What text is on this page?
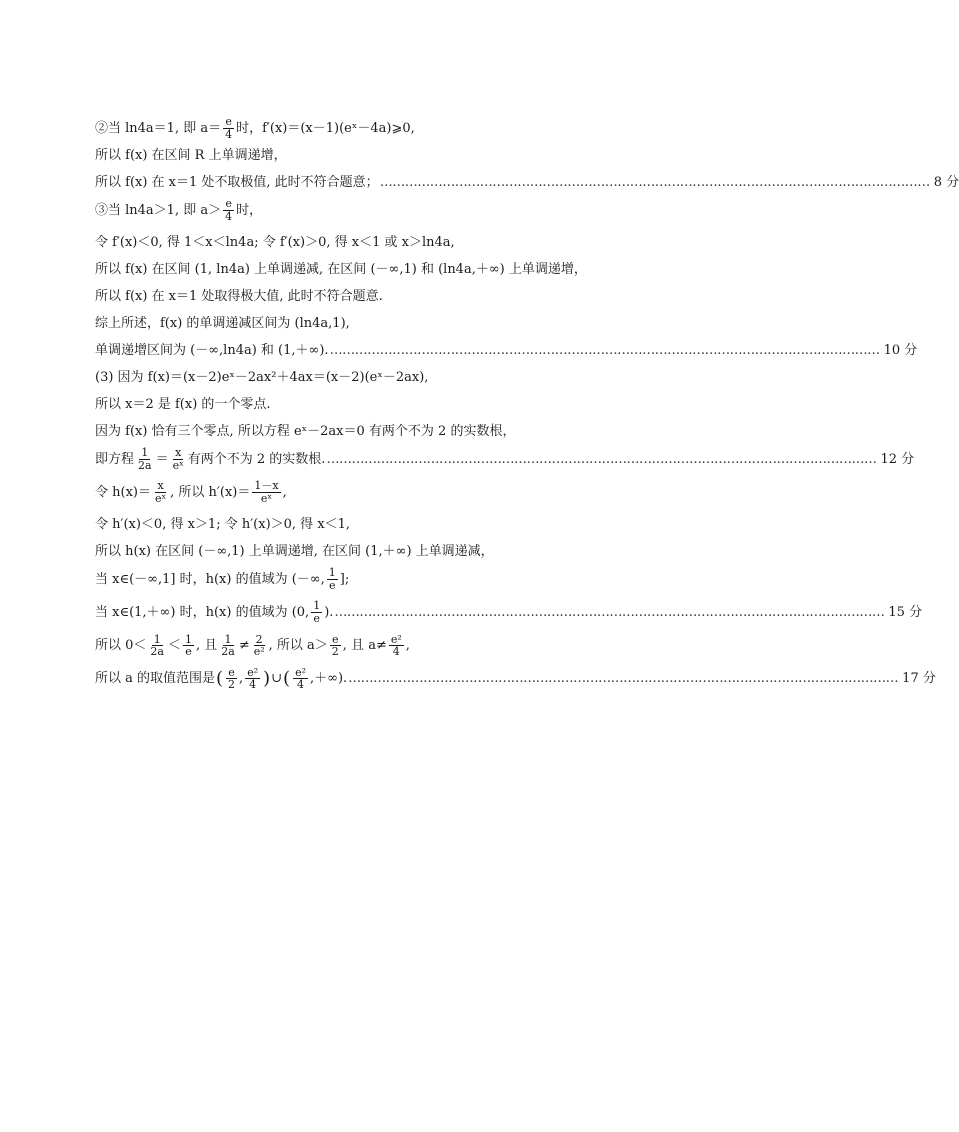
②当 ln4a＝1, 即 $a= \frac{e}{4}$ 时，f′(x)＝(x－1)(eˣ－4a)⩾0,
所以 f(x) 在区间 R 上单调递增，
所以 f(x) 在 x＝1 处不取极值, 此时不符合题意； …………………………………………………………………………………………………………………… 8 分
③当 ln4a＞1, 即 $a> \frac{e}{4}$ 时，
令 f′(x)＜0, 得 1＜x＜ln4a; 令 f′(x)＞0, 得 x＜1 或 x＞ln4a,
所以 f(x) 在区间 (1, ln4a) 上单调递减, 在区间 (－∞,1) 和 (ln4a,＋∞) 上单调递增，
所以 f(x) 在 x＝1 处取得极大值, 此时不符合题意.
综上所述，f(x) 的单调递减区间为 (ln4a,1),
单调递增区间为 (－∞,ln4a) 和 (1,＋∞). …………………………………………………………………………………………………………………… 10 分
(3) 因为 f(x)＝(x－2)eˣ－2ax²＋4ax＝(x－2)(eˣ－2ax),
所以 x＝2 是 f(x) 的一个零点.
因为 f(x) 恰有三个零点, 所以方程 eˣ－2ax＝0 有两个不为 2 的实数根，
即方程 $\frac{1}{2a} = \frac{x}{\text{eˣ}}$ 有两个不为 2 的实数根. …………………………………………………………………………………………………………………… 12 分
令 $h(x)= \frac{x}{\text{eˣ}}$ , 所以 $h'(x)= \frac{1-x}{\text{eˣ}}$ ,
令 h′(x)＜0, 得 x＞1; 令 h′(x)＞0, 得 x＜1,
所以 h(x) 在区间 (－∞,1) 上单调递增, 在区间 (1,＋∞) 上单调递减，
当 x∈(－∞,1] 时，h(x) 的值域为 (－∞, $\frac{1}{e}$ ];
当 x∈(1,＋∞) 时，h(x) 的值域为 (0, $\frac{1}{e}$ ). …………………………………………………………………………………………………………………… 15 分
所以 $0< \frac{1}{2a} < \frac{1}{e}$ , 且 $\frac{1}{2a} \ne \frac{2}{\text{e²}}$ , 所以 $a> \frac{e}{2}$ , 且 $a\ne \frac{\text{e²}}{4}$ ,
所以 a 的取值范围是 ( $\frac{e}{2}$ , $\frac{\text{e²}}{4}$ ) ∪ ( $\frac{\text{e²}}{4}$ ,＋∞). …………………………………………………………………………………………………………………… 17 分
